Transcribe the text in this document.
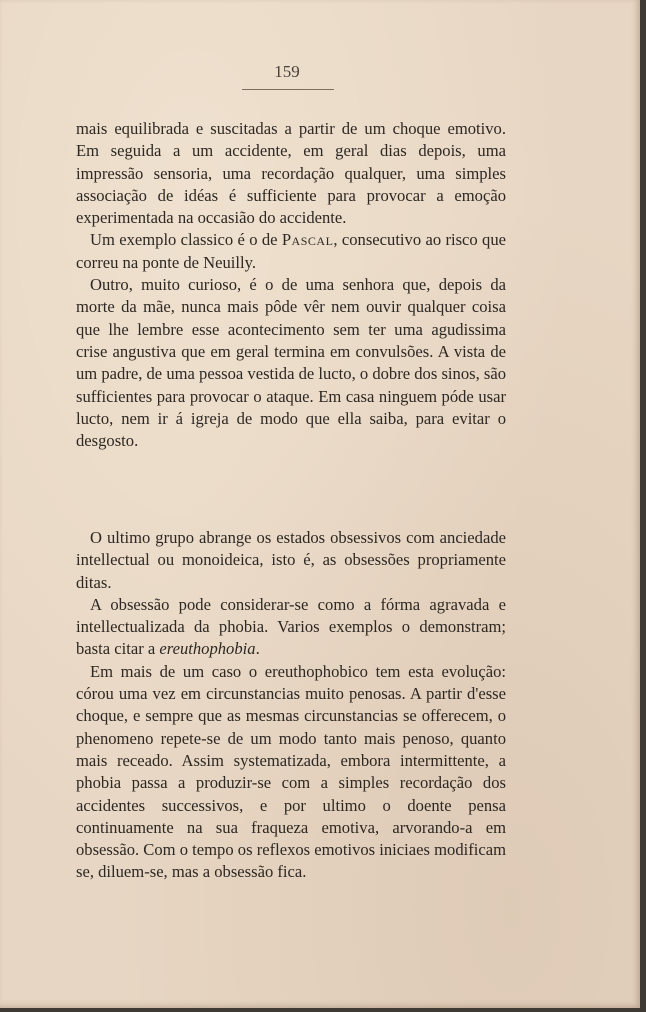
159

mais equilibrada e suscitadas a partir de um choque emotivo. Em seguida a um accidente, em geral dias depois, uma impressão sensoria, uma recordação qualquer, uma simples associação de idéas é sufficiente para provocar a emoção experimentada na occasião do accidente.

Um exemplo classico é o de Pascal, consecutivo ao risco que correu na ponte de Neuilly.

Outro, muito curioso, é o de uma senhora que, depois da morte da mãe, nunca mais pôde vêr nem ouvir qualquer coisa que lhe lembre esse acontecimento sem ter uma agudissima crise angustiva que em geral termina em convulsões. A vista de um padre, de uma pessoa vestida de lucto, o dobre dos sinos, são sufficientes para provocar o ataque. Em casa ninguem póde usar lucto, nem ir á igreja de modo que ella saiba, para evitar o desgosto.

O ultimo grupo abrange os estados obsessivos com anciedade intellectual ou monoideica, isto é, as obsessões propriamente ditas.

A obsessão pode considerar-se como a fórma agravada e intellectualizada da phobia. Varios exemplos o demonstram; basta citar a ereuthophobia.

Em mais de um caso o ereuthophobico tem esta evolução: córou uma vez em circunstancias muito penosas. A partir d'esse choque, e sempre que as mesmas circunstancias se offerecem, o phenomeno repete-se de um modo tanto mais penoso, quanto mais receado. Assim systematizada, embora intermittente, a phobia passa a produzir-se com a simples recordação dos accidentes successivos, e por ultimo o doente pensa continuamente na sua fraqueza emotiva, arvorando-a em obsessão. Com o tempo os reflexos emotivos iniciaes modificam se, diluem-se, mas a obsessão fica.
